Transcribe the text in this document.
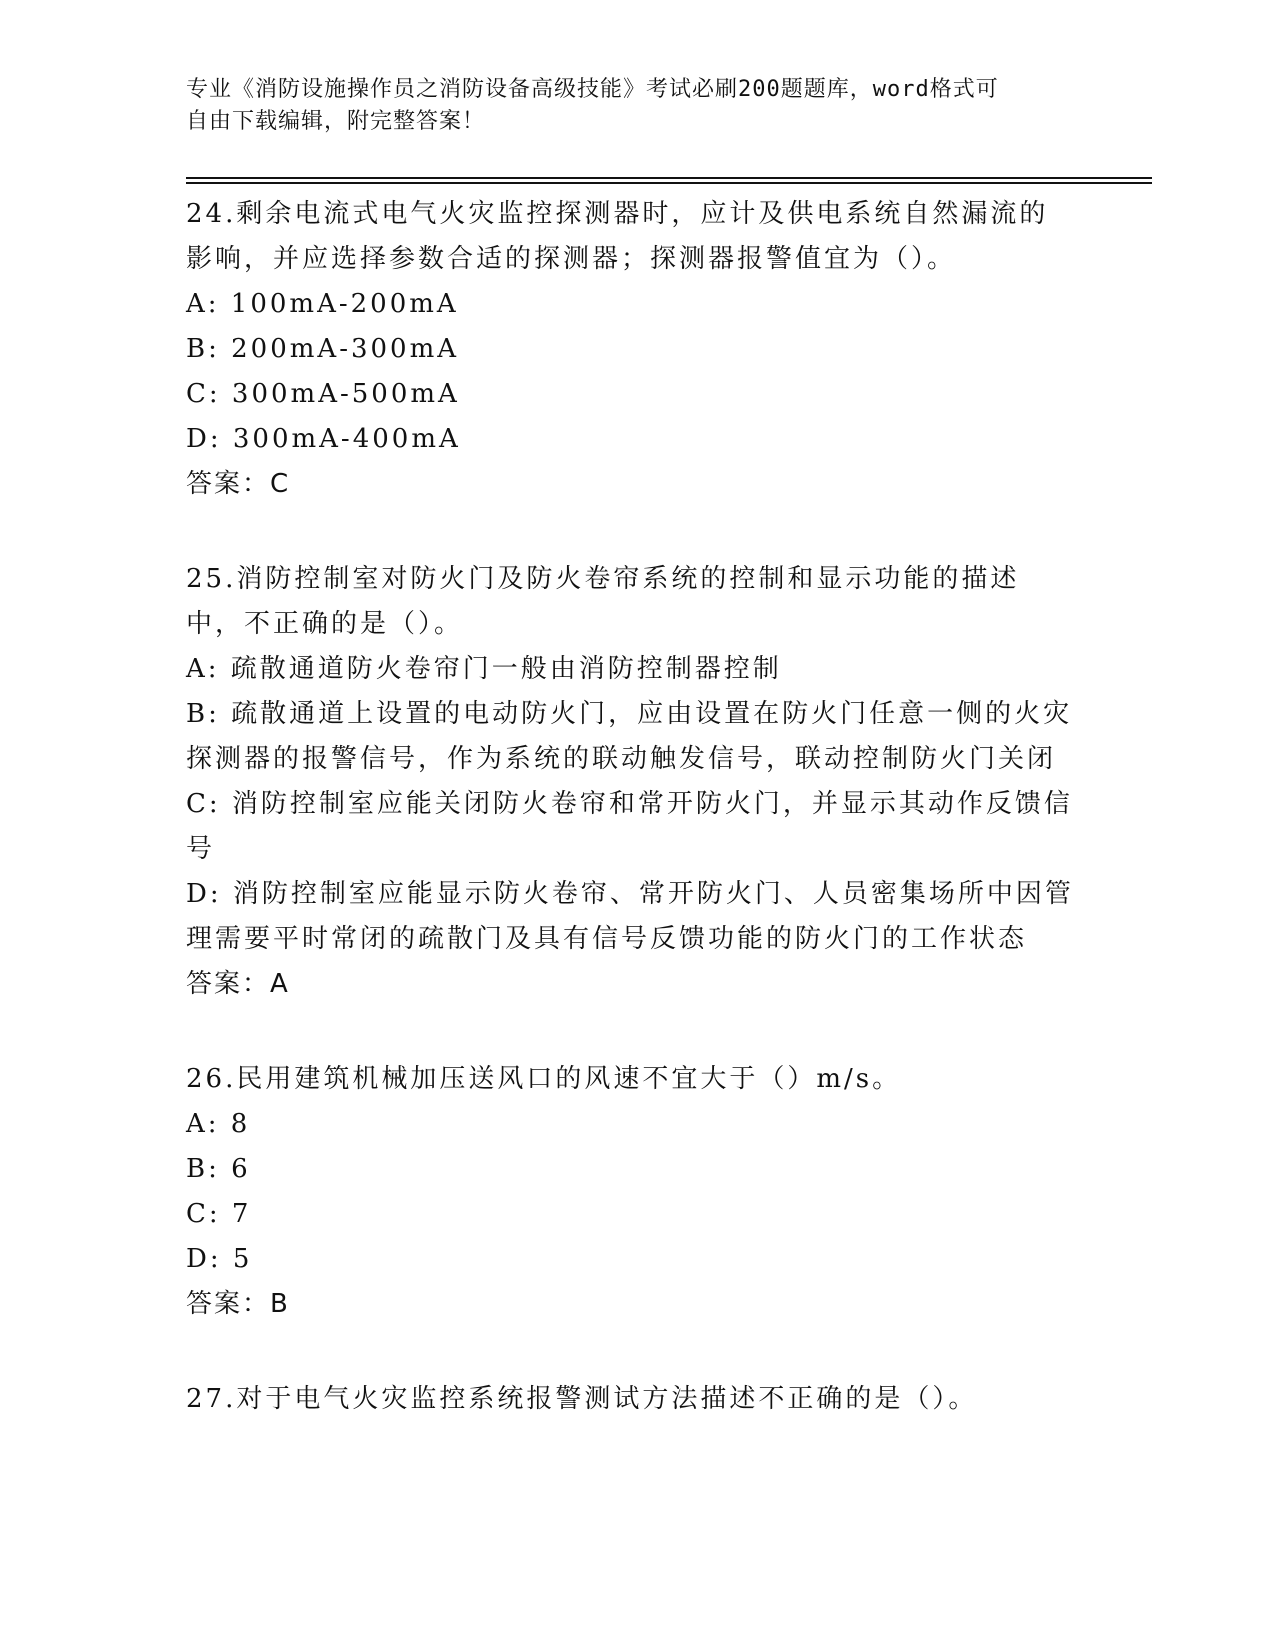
专业《消防设施操作员之消防设备高级技能》考试必刷200题题库，word格式可
自由下载编辑，附完整答案！
24.剩余电流式电气火灾监控探测器时，应计及供电系统自然漏流的影响，并应选择参数合适的探测器；探测器报警值宜为（）。
A: 100mA-200mA
B: 200mA-300mA
C: 300mA-500mA
D: 300mA-400mA
答案：C
25.消防控制室对防火门及防火卷帘系统的控制和显示功能的描述中，不正确的是（）。
A: 疏散通道防火卷帘门一般由消防控制器控制
B: 疏散通道上设置的电动防火门，应由设置在防火门任意一侧的火灾探测器的报警信号，作为系统的联动触发信号，联动控制防火门关闭
C: 消防控制室应能关闭防火卷帘和常开防火门，并显示其动作反馈信号
D: 消防控制室应能显示防火卷帘、常开防火门、人员密集场所中因管理需要平时常闭的疏散门及具有信号反馈功能的防火门的工作状态
答案：A
26.民用建筑机械加压送风口的风速不宜大于（）m/s。
A: 8
B: 6
C: 7
D: 5
答案：B
27.对于电气火灾监控系统报警测试方法描述不正确的是（）。
